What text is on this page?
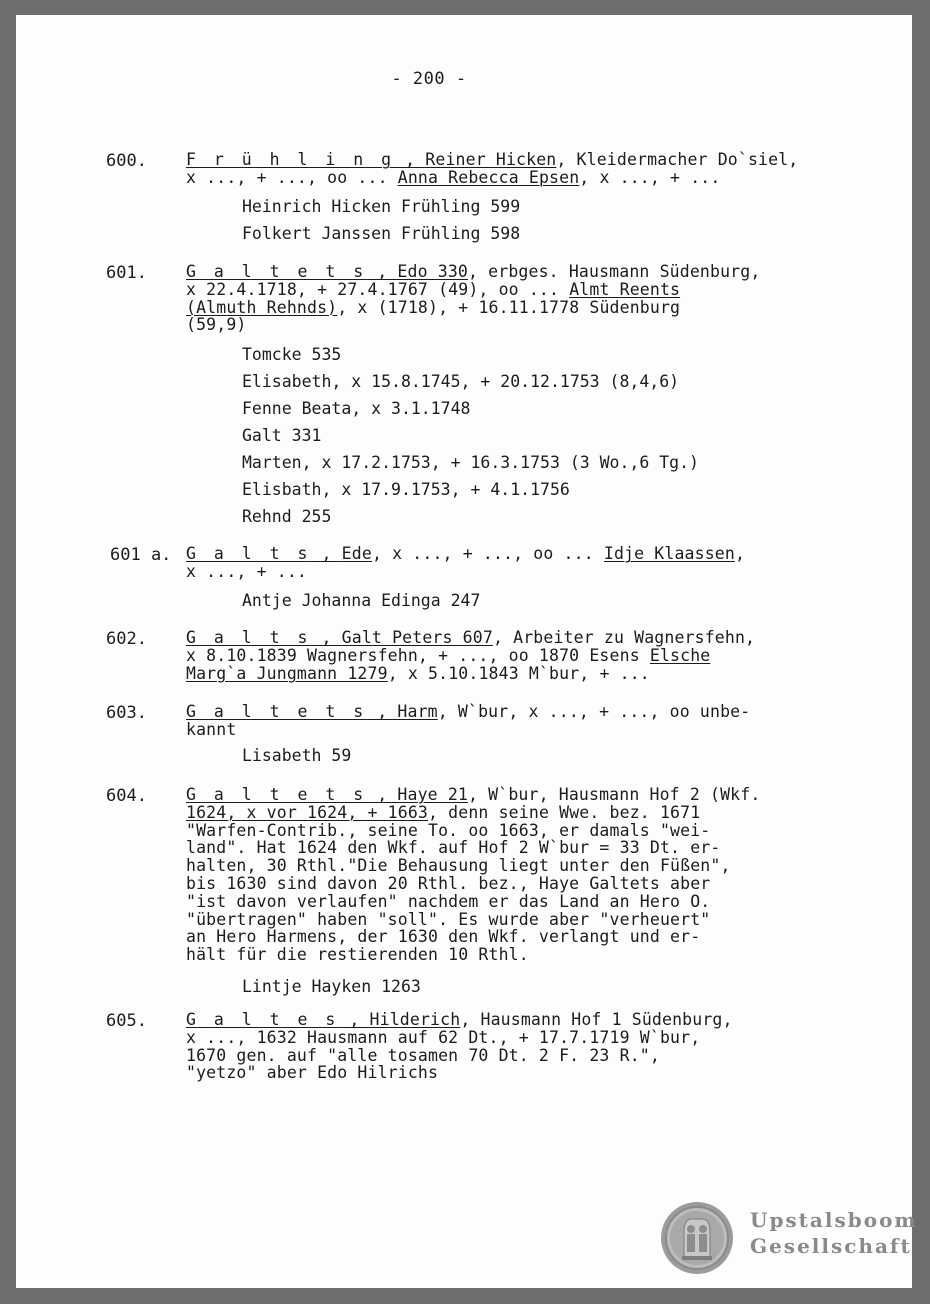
- 200 -
600. F r ü h l i n g , Reiner Hicken, Kleidermacher Do`siel,
x ..., + ..., oo ... Anna Rebecca Epsen, x ..., + ...
Heinrich Hicken Frühling 599
Folkert Janssen Frühling 598
601. G a l t e t s , Edo 330, erbges. Hausmann Südenburg,
x 22.4.1718, + 27.4.1767 (49), oo ... Almt Reents
(Almuth Rehnds), x (1718), + 16.11.1778 Südenburg
(59,9)
Tomcke 535
Elisabeth, x 15.8.1745, + 20.12.1753 (8,4,6)
Fenne Beata, x 3.1.1748
Galt 331
Marten, x 17.2.1753, + 16.3.1753 (3 Wo.,6 Tg.)
Elisbath, x 17.9.1753, + 4.1.1756
Rehnd 255
601 a. G a l t s , Ede, x ..., + ..., oo ... Idje Klaassen,
x ..., + ...
Antje Johanna Edinga 247
602. G a l t s , Galt Peters 607, Arbeiter zu Wagnersfehn,
x 8.10.1839 Wagnersfehn, + ..., oo 1870 Esens Elsche
Marg`a Jungmann 1279, x 5.10.1843 M`bur, + ...
603. G a l t e t s , Harm, W`bur, x ..., + ..., oo unbe-
kannt
Lisabeth 59
604. G a l t e t s , Haye 21, W`bur, Hausmann Hof 2 (Wkf.
1624, x vor 1624, + 1663, denn seine Wwe. bez. 1671
"Warfen-Contrib., seine To. oo 1663, er damals "wei-
land". Hat 1624 den Wkf. auf Hof 2 W`bur = 33 Dt. er-
halten, 30 Rthl."Die Behausung liegt unter den Füßen",
bis 1630 sind davon 20 Rthl. bez., Haye Galtets aber
"ist davon verlaufen" nachdem er das Land an Hero O.
"übertragen" haben "soll". Es wurde aber "verheuert"
an Hero Harmens, der 1630 den Wkf. verlangt und er-
hält für die restierenden 10 Rthl.
Lintje Hayken 1263
605. G a l t e s , Hilderich, Hausmann Hof 1 Südenburg,
x ..., 1632 Hausmann auf 62 Dt., + 17.7.1719 W`bur,
1670 gen. auf "alle tosamen 70 Dt. 2 F. 23 R.",
"yetzo" aber Edo Hilrichs
Upstalsboom
Gesellschaft
